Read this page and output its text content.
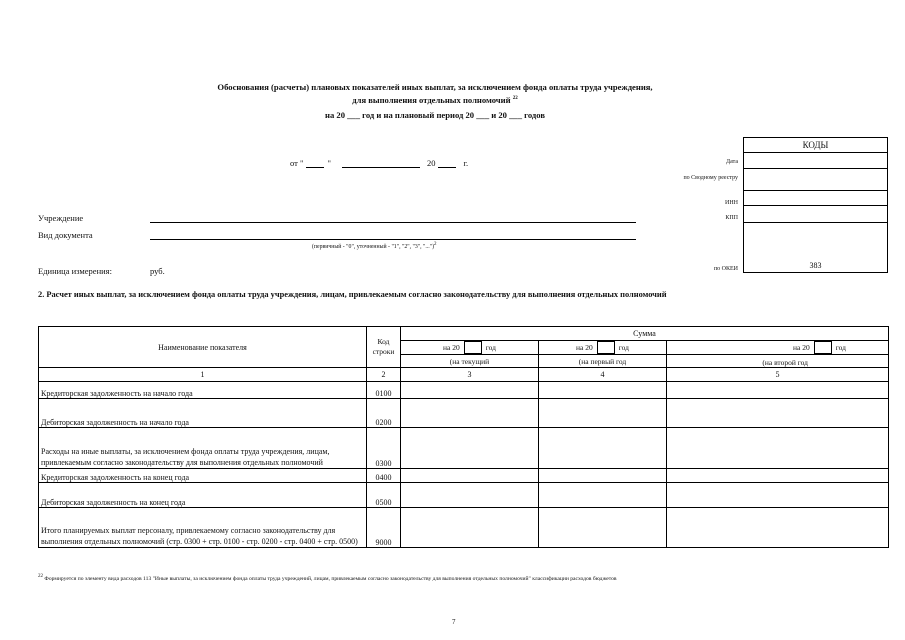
Обоснования (расчеты) плановых показателей иных выплат, за исключением фонда оплаты труда учреждения,
для выполнения отдельных полномочий $^{22}$
на 20 ___ год и на плановый период 20 ___ и 20 ___ годов
от "	"	20	г.
КОДЫ
383
Дата
по Сводному реестру
ИНН
КПП
по ОКЕИ
Учреждение
Вид документа
(первичный - "0", уточненный - "1", "2", "3", "...")2
Единица измерения:	руб.
2. Расчет иных выплат, за исключением фонда оплаты труда учреждения, лицам, привлекаемым согласно законодательству для выполнения отдельных полномочий
Наименование показателя	Код строки	Сумма		

		на 20 год	на 20 год	на 20 год

		(на текущий	(на первый год	(на второй год
1	2	3	4	5
Кредиторская задолженность на начало года	0100			
Дебиторская задолженность на начало года	0200			
Расходы на иные выплаты, за исключением фонда оплаты труда учреждения, лицам, привлекаемым согласно законодательству для выполнения отдельных полномочий	0300			
Кредиторская задолженность на конец года	0400			
Дебиторская задолженность на конец года	0500			
Итого планируемых выплат персоналу, привлекаемому согласно законодательству для выполнения отдельных полномочий (стр. 0300 + стр. 0100 - стр. 0200 - стр. 0400 + стр. 0500)	9000			
22 Формируется по элементу вида расходов 113 "Иные выплаты, за исключением фонда оплаты труда учреждений, лицам, привлекаемым согласно законодательству для выполнения отдельных полномочий" классификации расходов бюджетов
7
